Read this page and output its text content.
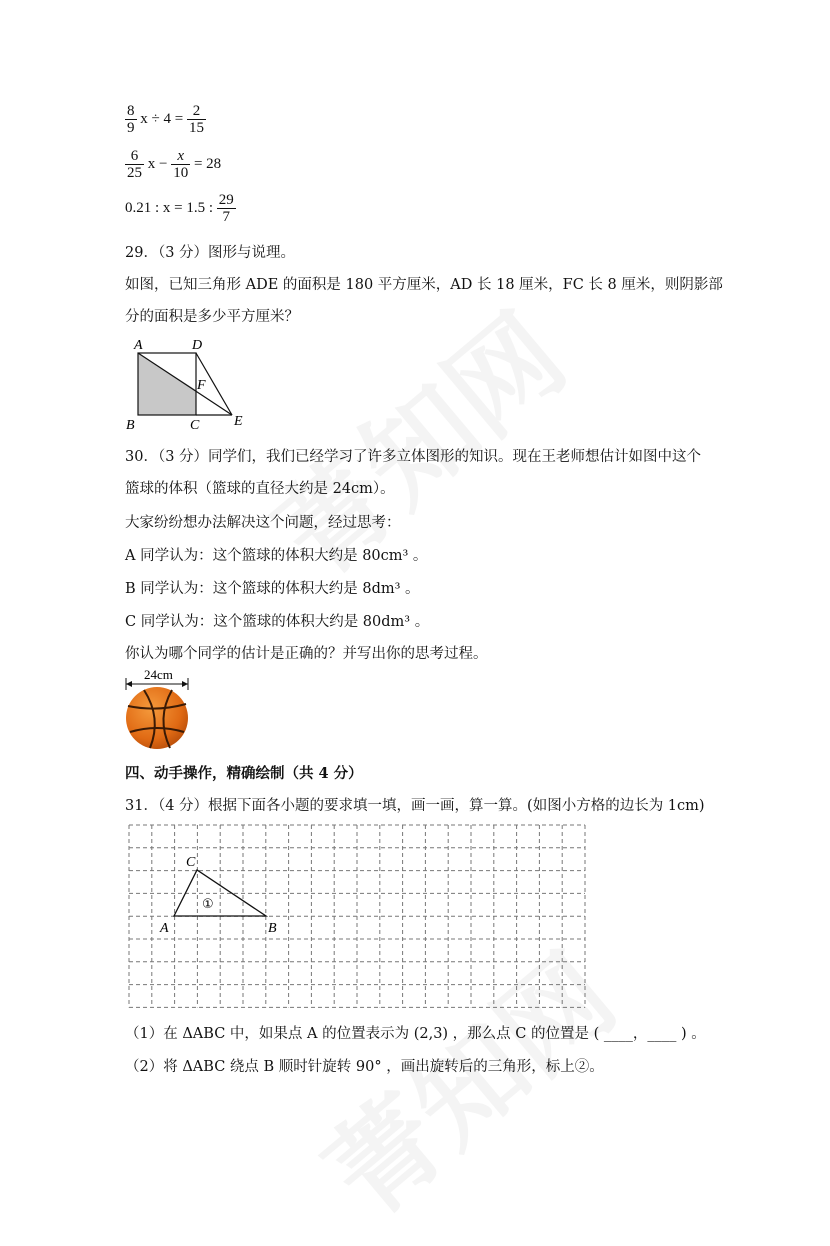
$\frac{8}{9}$ $x \div 4 = \frac{2}{15}$
$\frac{6}{25}$ $x - \frac{x}{10} = 28$
0.21 : x = 1.5 : $\frac{29}{7}$
29．（3 分）图形与说理。
如图，已知三角形 ADE 的面积是 180 平方厘米，AD 长 18 厘米，FC 长 8 厘米，则阴影部
分的面积是多少平方厘米？
A	D
F
B	C E
30．（3 分）同学们，我们已经学习了许多立体图形的知识。现在王老师想估计如图中这个
篮球的体积（篮球的直径大约是 24cm）。
大家纷纷想办法解决这个问题，经过思考：
A 同学认为：这个篮球的体积大约是 80cm³ 。
B 同学认为：这个篮球的体积大约是 8dm³ 。
C 同学认为：这个篮球的体积大约是 80dm³ 。
你认为哪个同学的估计是正确的？并写出你的思考过程。
24cm
四、动手操作，精确绘制（共 4 分）
31．（4 分）根据下面各小题的要求填一填，画一画，算一算。(如图小方格的边长为 1cm)
A	B
C
①
（1）在 ΔABC 中，如果点 A 的位置表示为 (2,3) ，那么点 C 的位置是 ( ____，____ ) 。
（2）将 ΔABC 绕点 B 顺时针旋转 90° ，画出旋转后的三角形，标上②。
